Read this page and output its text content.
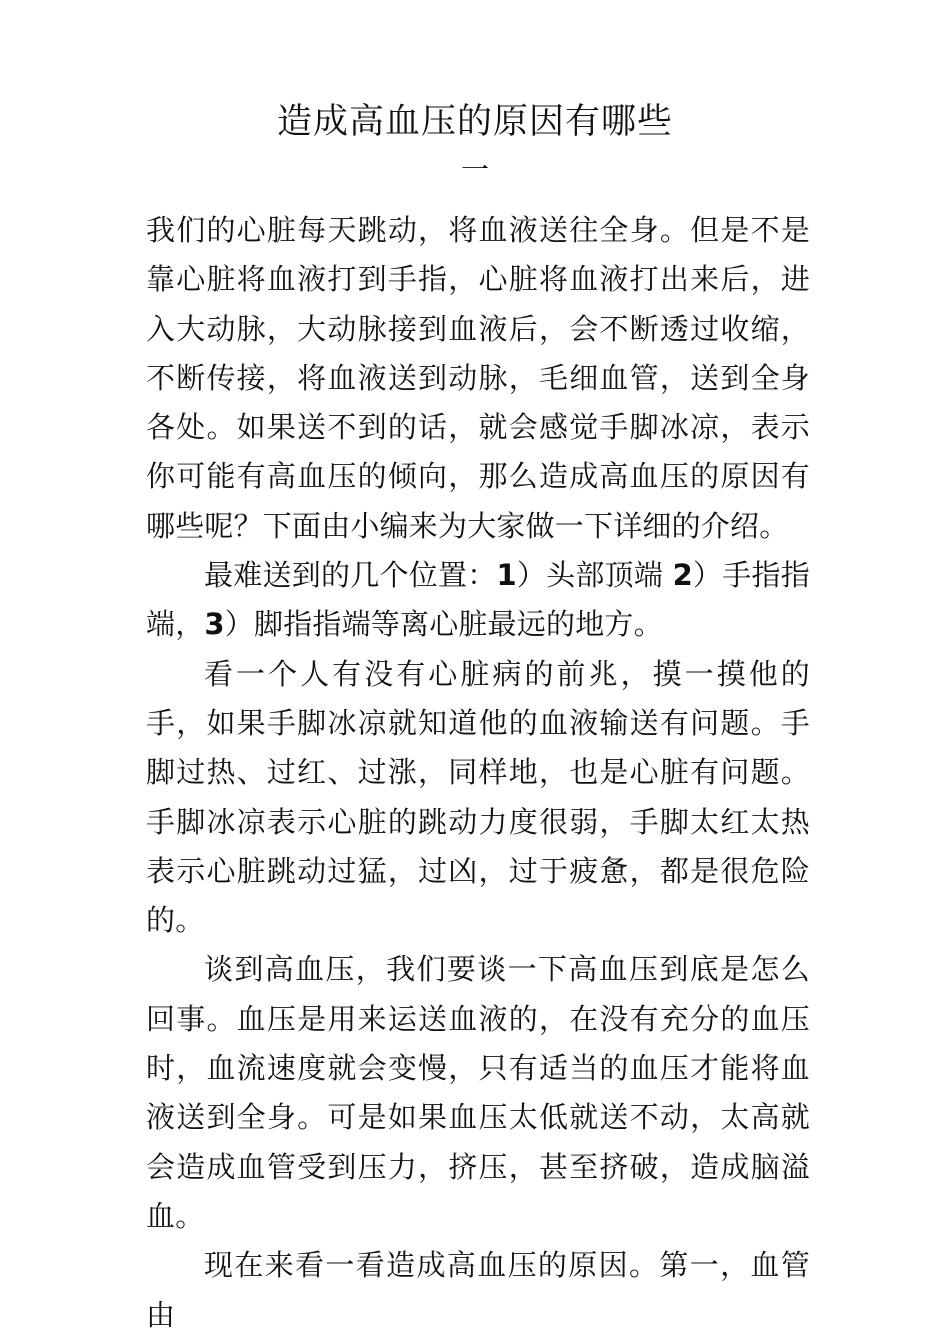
造成高血压的原因有哪些
一

我们的心脏每天跳动，将血液送往全身。但是不是靠心脏将血液打到手指，心脏将血液打出来后，进入大动脉，大动脉接到血液后，会不断透过收缩，不断传接，将血液送到动脉，毛细血管，送到全身各处。如果送不到的话，就会感觉手脚冰凉，表示你可能有高血压的倾向，那么造成高血压的原因有哪些呢？下面由小编来为大家做一下详细的介绍。

最难送到的几个位置：1）头部顶端 2）手指指端，3）脚指指端等离心脏最远的地方。

看一个人有没有心脏病的前兆，摸一摸他的手，如果手脚冰凉就知道他的血液输送有问题。手脚过热、过红、过涨，同样地，也是心脏有问题。手脚冰凉表示心脏的跳动力度很弱，手脚太红太热表示心脏跳动过猛，过凶，过于疲惫，都是很危险的。

谈到高血压，我们要谈一下高血压到底是怎么回事。血压是用来运送血液的，在没有充分的血压时，血流速度就会变慢，只有适当的血压才能将血液送到全身。可是如果血压太低就送不动，太高就会造成血管受到压力，挤压，甚至挤破，造成脑溢血。

现在来看一看造成高血压的原因。第一，血管由
